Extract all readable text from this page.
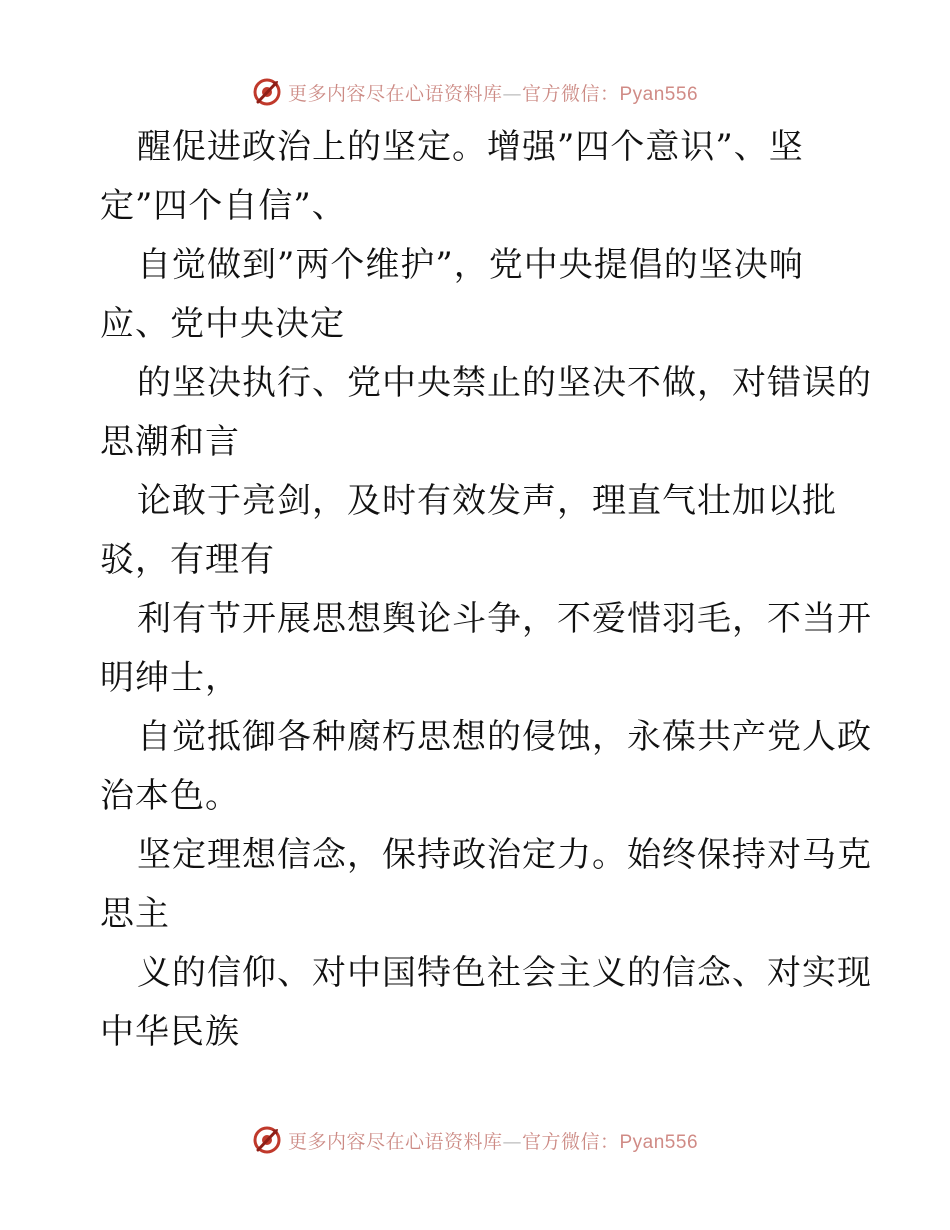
更多内容尽在心语资料库—官方微信：Pyan556
醒促进政治上的坚定。增强”四个意识”、坚
定”四个自信”、
自觉做到”两个维护”，党中央提倡的坚决响
应、党中央决定
的坚决执行、党中央禁止的坚决不做，对错误的
思潮和言
论敢于亮剑，及时有效发声，理直气壮加以批
驳，有理有
利有节开展思想舆论斗争，不爱惜羽毛，不当开
明绅士，
自觉抵御各种腐朽思想的侵蚀，永葆共产党人政
治本色。
坚定理想信念，保持政治定力。始终保持对马克
思主
义的信仰、对中国特色社会主义的信念、对实现
中华民族
更多内容尽在心语资料库—官方微信：Pyan556
